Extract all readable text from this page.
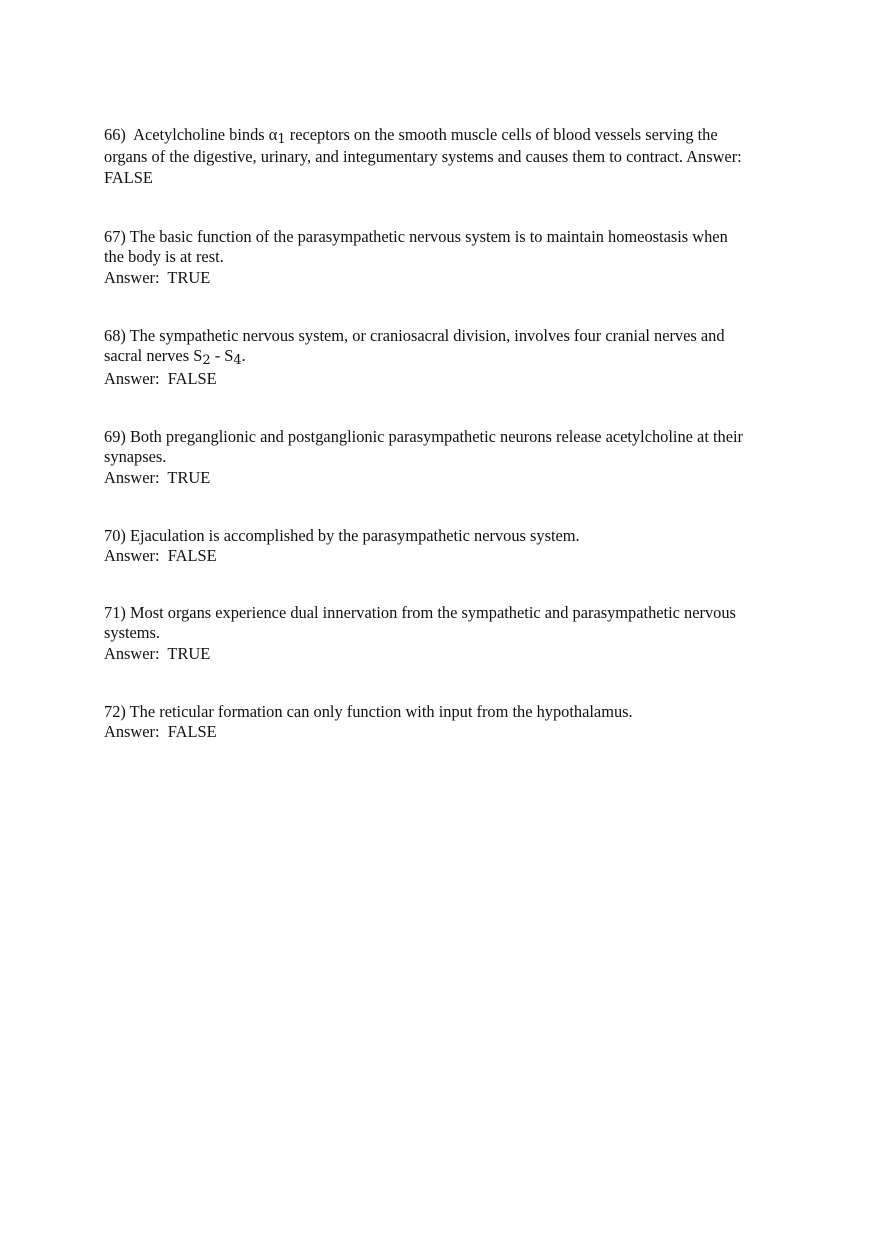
66)  Acetylcholine binds α1 receptors on the smooth muscle cells of blood vessels serving the
organs of the digestive, urinary, and integumentary systems and causes them to contract. Answer:
FALSE
67) The basic function of the parasympathetic nervous system is to maintain homeostasis when
the body is at rest.
Answer:  TRUE
68) The sympathetic nervous system, or craniosacral division, involves four cranial nerves and
sacral nerves S2 - S4.
Answer:  FALSE
69) Both preganglionic and postganglionic parasympathetic neurons release acetylcholine at their
synapses.
Answer:  TRUE
70) Ejaculation is accomplished by the parasympathetic nervous system.
Answer:  FALSE
71) Most organs experience dual innervation from the sympathetic and parasympathetic nervous
systems.
Answer:  TRUE
72) The reticular formation can only function with input from the hypothalamus.
Answer:  FALSE
